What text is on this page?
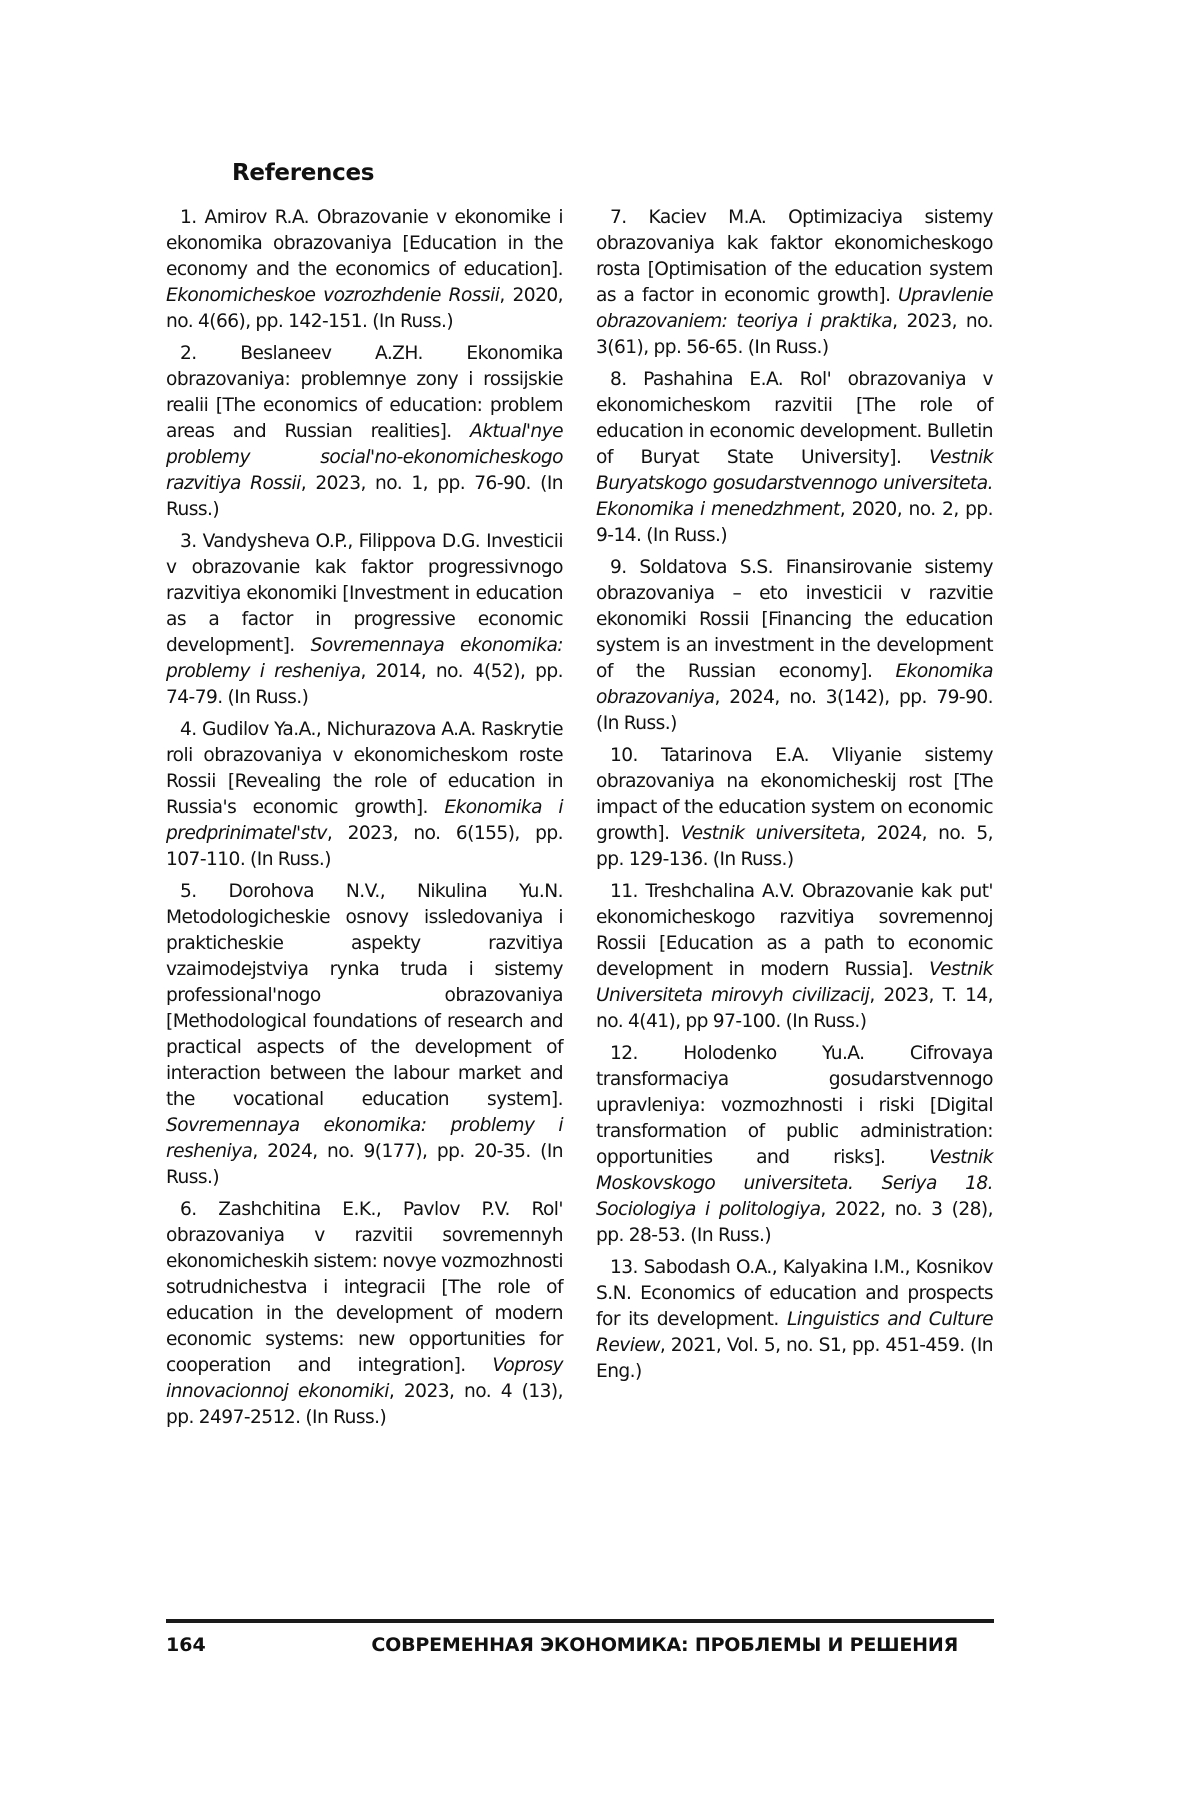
References

1. Amirov R.A. Obrazovanie v ekonomike i ekonomika obrazovaniya [Education in the economy and the economics of education]. Ekonomicheskoe vozrozhdenie Rossii, 2020, no. 4(66), pp. 142-151. (In Russ.)

2. Beslaneev A.ZH. Ekonomika obrazovaniya: problemnye zony i rossijskie realii [The economics of education: problem areas and Russian realities]. Aktual'nye problemy social'no-ekonomicheskogo razvitiya Rossii, 2023, no. 1, pp. 76-90. (In Russ.)

3. Vandysheva O.P., Filippova D.G. Investicii v obrazovanie kak faktor progressivnogo razvitiya ekonomiki [Investment in education as a factor in progressive economic development]. Sovremennaya ekonomika: problemy i resheniya, 2014, no. 4(52), pp. 74-79. (In Russ.)

4. Gudilov Ya.A., Nichurazova A.A. Raskrytie roli obrazovaniya v ekonomicheskom roste Rossii [Revealing the role of education in Russia's economic growth]. Ekonomika i predprinimatel'stv, 2023, no. 6(155), pp. 107-110. (In Russ.)

5. Dorohova N.V., Nikulina Yu.N. Metodologicheskie osnovy issledovaniya i prakticheskie aspekty razvitiya vzaimodejstviya rynka truda i sistemy professional'nogo obrazovaniya [Methodological foundations of research and practical aspects of the development of interaction between the labour market and the vocational education system]. Sovremennaya ekonomika: problemy i resheniya, 2024, no. 9(177), pp. 20-35. (In Russ.)

6. Zashchitina E.K., Pavlov P.V. Rol' obrazovaniya v razvitii sovremennyh ekonomicheskih sistem: novye vozmozhnosti sotrudnichestva i integracii [The role of education in the development of modern economic systems: new opportunities for cooperation and integration]. Voprosy innovacionnoj ekonomiki, 2023, no. 4 (13), pp. 2497-2512. (In Russ.)

7. Kaciev M.A. Optimizaciya sistemy obrazovaniya kak faktor ekonomicheskogo rosta [Optimisation of the education system as a factor in economic growth]. Upravlenie obrazovaniem: teoriya i praktika, 2023, no. 3(61), pp. 56-65. (In Russ.)

8. Pashahina E.A. Rol' obrazovaniya v ekonomicheskom razvitii [The role of education in economic development. Bulletin of Buryat State University]. Vestnik Buryatskogo gosudarstvennogo universiteta. Ekonomika i menedzhment, 2020, no. 2, pp. 9-14. (In Russ.)

9. Soldatova S.S. Finansirovanie sistemy obrazovaniya – eto investicii v razvitie ekonomiki Rossii [Financing the education system is an investment in the development of the Russian economy]. Ekonomika obrazovaniya, 2024, no. 3(142), pp. 79-90. (In Russ.)

10. Tatarinova E.A. Vliyanie sistemy obrazovaniya na ekonomicheskij rost [The impact of the education system on economic growth]. Vestnik universiteta, 2024, no. 5, pp. 129-136. (In Russ.)

11. Treshchalina A.V. Obrazovanie kak put' ekonomicheskogo razvitiya sovremennoj Rossii [Education as a path to economic development in modern Russia]. Vestnik Universiteta mirovyh civilizacij, 2023, T. 14, no. 4(41), pp 97-100. (In Russ.)

12. Holodenko Yu.A. Cifrovaya transformaciya gosudarstvennogo upravleniya: vozmozhnosti i riski [Digital transformation of public administration: opportunities and risks]. Vestnik Moskovskogo universiteta. Seriya 18. Sociologiya i politologiya, 2022, no. 3 (28), pp. 28-53. (In Russ.)

13. Sabodash O.A., Kalyakina I.M., Kosnikov S.N. Economics of education and prospects for its development. Linguistics and Culture Review, 2021, Vol. 5, no. S1, pp. 451-459. (In Eng.)

164	СОВРЕМЕННАЯ ЭКОНОМИКА: ПРОБЛЕМЫ И РЕШЕНИЯ
